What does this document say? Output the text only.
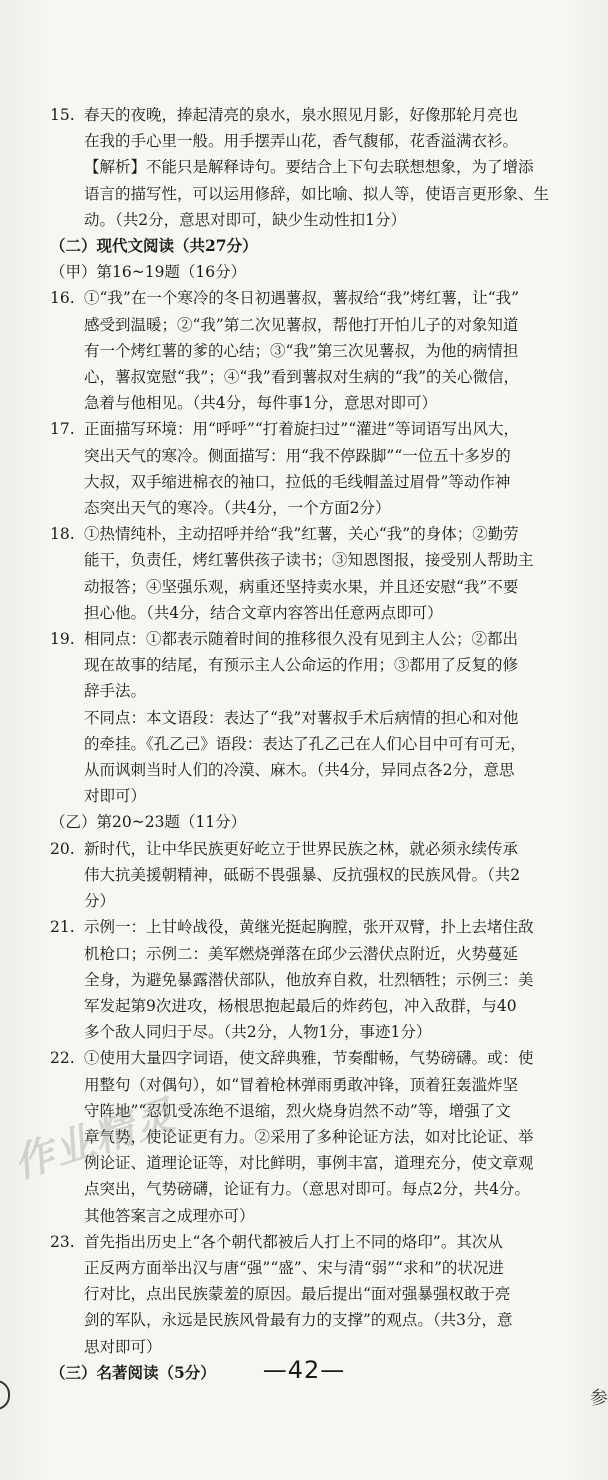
15. 春天的夜晚，捧起清亮的泉水，泉水照见月影，好像那轮月亮也
在我的手心里一般。用手摆弄山花，香气馥郁，花香溢满衣衫。
【解析】不能只是解释诗句。要结合上下句去联想想象，为了增添
语言的描写性，可以运用修辞，如比喻、拟人等，使语言更形象、生
动。（共2分，意思对即可，缺少生动性扣1分）
（二）现代文阅读（共27分）
（甲）第16~19题（16分）
16. ①“我”在一个寒冷的冬日初遇薯叔，薯叔给“我”烤红薯，让“我”
感受到温暖；②“我”第二次见薯叔，帮他打开怕儿子的对象知道
有一个烤红薯的爹的心结；③“我”第三次见薯叔，为他的病情担
心，薯叔宽慰“我”；④“我”看到薯叔对生病的“我”的关心微信，
急着与他相见。（共4分，每件事1分，意思对即可）
17. 正面描写环境：用“呼呼”“打着旋扫过”“灌进”等词语写出风大，
突出天气的寒冷。侧面描写：用“我不停跺脚”“一位五十多岁的
大叔，双手缩进棉衣的袖口，拉低的毛线帽盖过眉骨”等动作神
态突出天气的寒冷。（共4分，一个方面2分）
18. ①热情纯朴，主动招呼并给“我”红薯，关心“我”的身体；②勤劳
能干，负责任，烤红薯供孩子读书；③知恩图报，接受别人帮助主
动报答；④坚强乐观，病重还坚持卖水果，并且还安慰“我”不要
担心他。（共4分，结合文章内容答出任意两点即可）
19. 相同点：①都表示随着时间的推移很久没有见到主人公；②都出
现在故事的结尾，有预示主人公命运的作用；③都用了反复的修
辞手法。
不同点：本文语段：表达了“我”对薯叔手术后病情的担心和对他
的牵挂。《孔乙己》语段：表达了孔乙己在人们心目中可有可无，
从而讽刺当时人们的冷漠、麻木。（共4分，异同点各2分，意思
对即可）
（乙）第20~23题（11分）
20. 新时代，让中华民族更好屹立于世界民族之林，就必须永续传承
伟大抗美援朝精神，砥砺不畏强暴、反抗强权的民族风骨。（共2
分）
21. 示例一：上甘岭战役，黄继光挺起胸膛，张开双臂，扑上去堵住敌
机枪口；示例二：美军燃烧弹落在邱少云潜伏点附近，火势蔓延
全身，为避免暴露潜伏部队，他放弃自救，壮烈牺牲；示例三：美
军发起第9次进攻，杨根思抱起最后的炸药包，冲入敌群，与40
多个敌人同归于尽。（共2分，人物1分，事迹1分）
22. ①使用大量四字词语，使文辞典雅，节奏酣畅，气势磅礴。或：使
用整句（对偶句），如“冒着枪林弹雨勇敢冲锋，顶着狂轰滥炸坚
守阵地”“忍饥受冻绝不退缩，烈火烧身岿然不动”等，增强了文
章气势，使论证更有力。②采用了多种论证方法，如对比论证、举
例论证、道理论证等，对比鲜明，事例丰富，道理充分，使文章观
点突出，气势磅礴，论证有力。（意思对即可。每点2分，共4分。
其他答案言之成理亦可）
23. 首先指出历史上“各个朝代都被后人打上不同的烙印”。其次从
正反两方面举出汉与唐“强”“盛”、宋与清“弱”“求和”的状况进
行对比，点出民族蒙羞的原因。最后提出“面对强暴强权敢于亮
剑的军队，永远是民族风骨最有力的支撑”的观点。（共3分，意
思对即可）
（三）名著阅读（5分）
作业精灵
—42—
参
